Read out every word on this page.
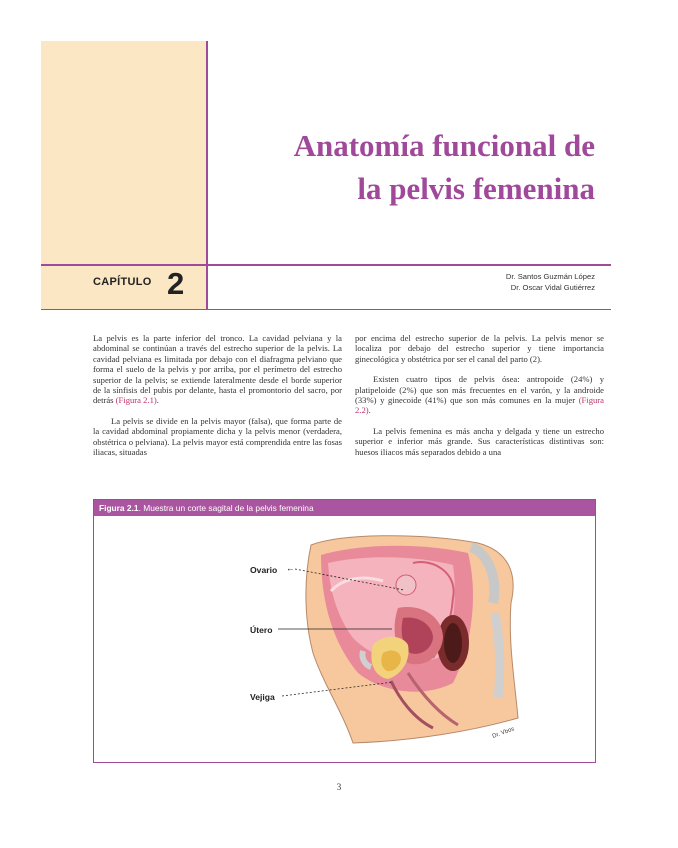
Anatomía funcional de
la pelvis femenina
CAPÍTULO 2	Dr. Santos Guzmán López
Dr. Oscar Vidal Gutiérrez

La pelvis es la parte inferior del tronco. La cavidad pelviana y la abdominal se continúan a través del estrecho superior de la pelvis. La cavidad pelviana es limitada por debajo con el diafragma pelviano que forma el suelo de la pelvis y por arriba, por el perímetro del estrecho superior de la pelvis; se extiende lateralmente desde el borde superior de la sínfisis del pubis por delante, hasta el promontorio del sacro, por detrás (Figura 2.1).

La pelvis se divide en la pelvis mayor (falsa), que forma parte de la cavidad abdominal propiamente dicha y la pelvis menor (verdadera, obstétrica o pelviana). La pelvis mayor está comprendida entre las fosas iliacas, situadas

por encima del estrecho superior de la pelvis. La pelvis menor se localiza por debajo del estrecho superior y tiene importancia ginecológica y obstétrica por ser el canal del parto (2).

Existen cuatro tipos de pelvis ósea: antropoide (24%) y platipeloide (2%) que son más frecuentes en el varón, y la androide (33%) y ginecoide (41%) que son más comunes en la mujer (Figura 2.2).

La pelvis femenina es más ancha y delgada y tiene un estrecho superior e inferior más grande. Sus características distintivas son: huesos iliacos más separados debido a una

Figura 2.1. Muestra un corte sagital de la pelvis femenina
Ovario ←
Útero
Vejiga
Dr. Vbos
3
